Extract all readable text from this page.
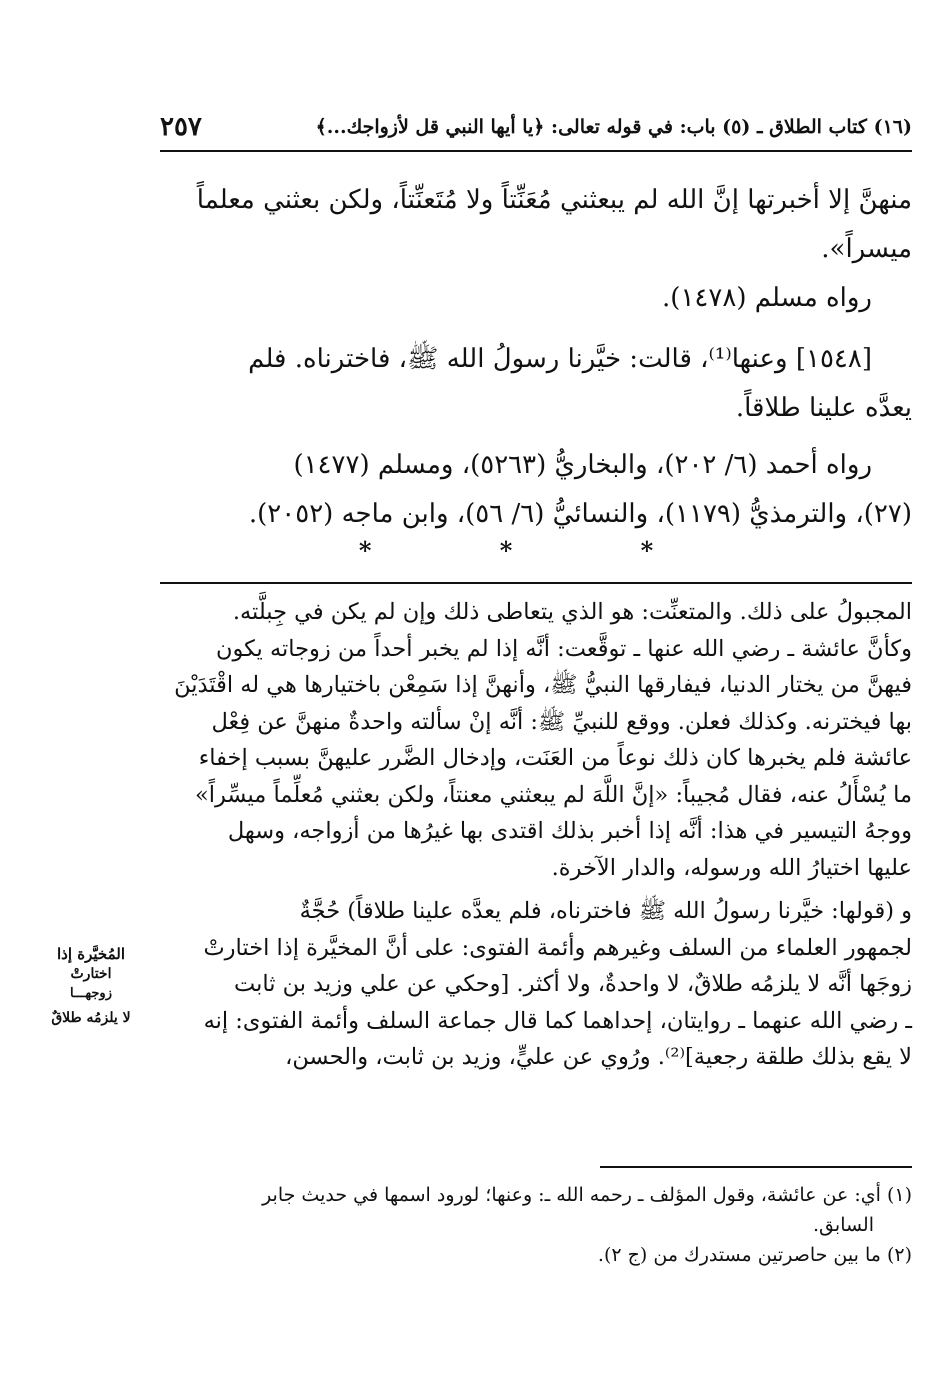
٢٥٧	(١٦) كتاب الطلاق ـ (٥) باب: في قوله تعالى: ﴿يا أيها النبي قل لأزواجك...﴾

منهنَّ إلا أخبرتها إنَّ الله لم يبعثني مُعَنِّتاً ولا مُتَعنِّتاً، ولكن بعثني معلماً

ميسراً».

رواه مسلم (١٤٧٨).

[١٥٤٨] وعنها⁽¹⁾، قالت: خيَّرنا رسولُ الله ﷺ، فاخترناه. فلم

يعدَّه علينا طلاقاً.

رواه أحمد (٦/ ٢٠٢)، والبخاريُّ (٥٢٦٣)، ومسلم (١٤٧٧)

(٢٧)، والترمذيُّ (١١٧٩)، والنسائيُّ (٦/ ٥٦)، وابن ماجه (٢٠٥٢).

* * *

المجبولُ على ذلك. والمتعنِّت: هو الذي يتعاطى ذلك وإن لم يكن في جِبلَّته.

وكأنَّ عائشة ـ رضي الله عنها ـ توقَّعت: أنَّه إذا لم يخبر أحداً من زوجاته يكون

فيهنَّ من يختار الدنيا، فيفارقها النبيُّ ﷺ، وأنهنَّ إذا سَمِعْن باختيارها هي له اقْتَدَيْنَ

بها فيخترنه. وكذلك فعلن. ووقع للنبيِّ ﷺ: أنَّه إنْ سألته واحدةٌ منهنَّ عن فِعْل

عائشة فلم يخبرها كان ذلك نوعاً من العَنَت، وإدخال الضَّرر عليهنَّ بسبب إخفاء

ما يُسْأَلُ عنه، فقال مُجيباً: «إنَّ اللَّهَ لم يبعثني معنتاً، ولكن بعثني مُعلِّماً ميسِّراً»

ووجهُ التيسير في هذا: أنَّه إذا أخبر بذلك اقتدى بها غيرُها من أزواجه، وسهل

عليها اختيارُ الله ورسوله، والدار الآخرة.

و (قولها: خيَّرنا رسولُ الله ﷺ فاخترناه، فلم يعدَّه علينا طلاقاً) حُجَّةٌ

لجمهور العلماء من السلف وغيرهم وأئمة الفتوى: على أنَّ المخيَّرة إذا اختارتْ

زوجَها أنَّه لا يلزمُه طلاقٌ، لا واحدةٌ، ولا أكثر. [وحكي عن علي وزيد بن ثابت

ـ رضي الله عنهما ـ روايتان، إحداهما كما قال جماعة السلف وأئمة الفتوى: إنه

لا يقع بذلك طلقة رجعية]⁽²⁾. ورُوي عن عليٍّ، وزيد بن ثابت، والحسن،

المُخيَّرة إذا
اختارتْ
زوجهـــا
لا يلزمُه طلاقٌ

(١) أي: عن عائشة، وقول المؤلف ـ رحمه الله ـ: وعنها؛ لورود اسمها في حديث جابر

السابق.

(٢) ما بين حاصرتين مستدرك من (ج ٢).
